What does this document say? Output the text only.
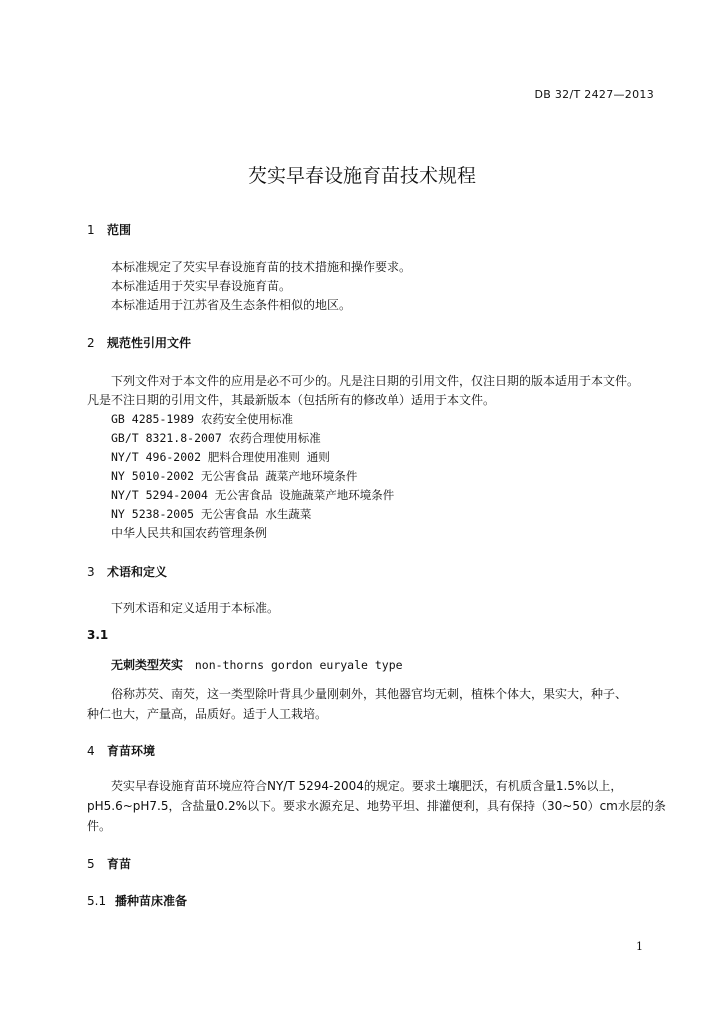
DB 32/T 2427—2013
芡实早春设施育苗技术规程
1 范围
本标准规定了芡实早春设施育苗的技术措施和操作要求。
本标准适用于芡实早春设施育苗。
本标准适用于江苏省及生态条件相似的地区。
2 规范性引用文件
下列文件对于本文件的应用是必不可少的。凡是注日期的引用文件，仅注日期的版本适用于本文件。
凡是不注日期的引用文件，其最新版本（包括所有的修改单）适用于本文件。
GB 4285-1989 农药安全使用标准
GB/T 8321.8-2007 农药合理使用标准
NY/T 496-2002 肥料合理使用准则 通则
NY 5010-2002 无公害食品 蔬菜产地环境条件
NY/T 5294-2004 无公害食品 设施蔬菜产地环境条件
NY 5238-2005 无公害食品 水生蔬菜
中华人民共和国农药管理条例
3 术语和定义
下列术语和定义适用于本标准。
3.1
无刺类型芡实 non-thorns gordon euryale type
俗称苏芡、南芡，这一类型除叶背具少量刚刺外，其他器官均无刺，植株个体大，果实大，种子、
种仁也大，产量高，品质好。适于人工栽培。
4 育苗环境
芡实早春设施育苗环境应符合NY/T 5294-2004的规定。要求土壤肥沃，有机质含量1.5%以上，
pH5.6~pH7.5，含盐量0.2%以下。要求水源充足、地势平坦、排灌便利，具有保持（30~50）cm水层的条
件。
5 育苗
5.1 播种苗床准备
1
